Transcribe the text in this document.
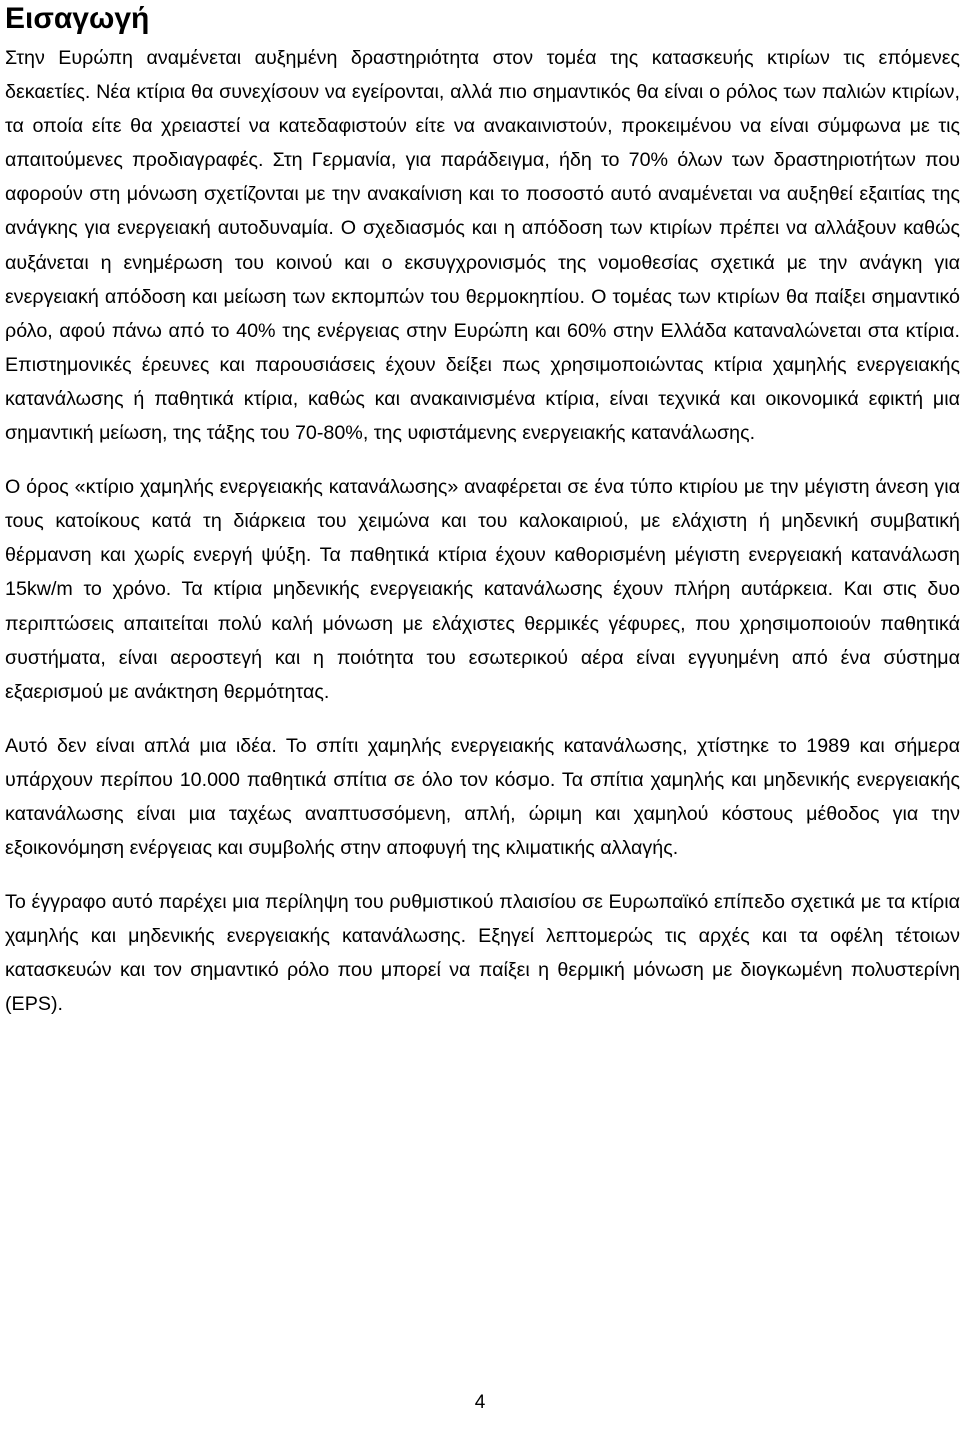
Εισαγωγή

Στην Ευρώπη αναμένεται αυξημένη δραστηριότητα στον τομέα της κατασκευής κτιρίων τις επόμενες δεκαετίες. Νέα κτίρια θα συνεχίσουν να εγείρονται, αλλά πιο σημαντικός θα είναι ο ρόλος των παλιών κτιρίων, τα οποία είτε θα χρειαστεί να κατεδαφιστούν είτε να ανακαινιστούν, προκειμένου να είναι σύμφωνα με τις απαιτούμενες προδιαγραφές. Στη Γερμανία, για παράδειγμα, ήδη το 70% όλων των δραστηριοτήτων που αφορούν στη μόνωση σχετίζονται με την ανακαίνιση και το ποσοστό αυτό αναμένεται να αυξηθεί εξαιτίας της ανάγκης για ενεργειακή αυτοδυναμία. Ο σχεδιασμός και η απόδοση των κτιρίων πρέπει να αλλάξουν καθώς αυξάνεται η ενημέρωση του κοινού και ο εκσυγχρονισμός της νομοθεσίας σχετικά με την ανάγκη για ενεργειακή απόδοση και μείωση των εκπομπών του θερμοκηπίου. Ο τομέας των κτιρίων θα παίξει σημαντικό ρόλο, αφού πάνω από το 40% της ενέργειας στην Ευρώπη και 60% στην Ελλάδα καταναλώνεται στα κτίρια. Επιστημονικές έρευνες και παρουσιάσεις έχουν δείξει πως χρησιμοποιώντας κτίρια χαμηλής ενεργειακής κατανάλωσης ή παθητικά κτίρια, καθώς και ανακαινισμένα κτίρια, είναι τεχνικά και οικονομικά εφικτή μια σημαντική μείωση, της τάξης του 70-80%, της υφιστάμενης ενεργειακής κατανάλωσης.

Ο όρος «κτίριο χαμηλής ενεργειακής κατανάλωσης» αναφέρεται σε ένα τύπο κτιρίου με την μέγιστη άνεση για τους κατοίκους κατά τη διάρκεια του χειμώνα και του καλοκαιριού, με ελάχιστη ή μηδενική συμβατική θέρμανση και χωρίς ενεργή ψύξη. Τα παθητικά κτίρια έχουν καθορισμένη μέγιστη ενεργειακή κατανάλωση 15kw/m το χρόνο. Τα κτίρια μηδενικής ενεργειακής κατανάλωσης έχουν πλήρη αυτάρκεια. Και στις δυο περιπτώσεις απαιτείται πολύ καλή μόνωση με ελάχιστες θερμικές γέφυρες, που χρησιμοποιούν παθητικά συστήματα, είναι αεροστεγή και η ποιότητα του εσωτερικού αέρα είναι εγγυημένη από ένα σύστημα εξαερισμού με ανάκτηση θερμότητας.

Αυτό δεν είναι απλά μια ιδέα. Το σπίτι χαμηλής ενεργειακής κατανάλωσης, χτίστηκε το 1989 και σήμερα υπάρχουν περίπου 10.000 παθητικά σπίτια σε όλο τον κόσμο. Τα σπίτια χαμηλής και μηδενικής ενεργειακής κατανάλωσης είναι μια ταχέως αναπτυσσόμενη, απλή, ώριμη και χαμηλού κόστους μέθοδος για την εξοικονόμηση ενέργειας και συμβολής στην αποφυγή της κλιματικής αλλαγής.

Το έγγραφο αυτό παρέχει μια περίληψη του ρυθμιστικού πλαισίου σε Ευρωπαϊκό επίπεδο σχετικά με τα κτίρια χαμηλής και μηδενικής ενεργειακής κατανάλωσης. Εξηγεί λεπτομερώς τις αρχές και τα οφέλη τέτοιων κατασκευών και τον σημαντικό ρόλο που μπορεί να παίξει η θερμική μόνωση με διογκωμένη πολυστερίνη (EPS).

4
